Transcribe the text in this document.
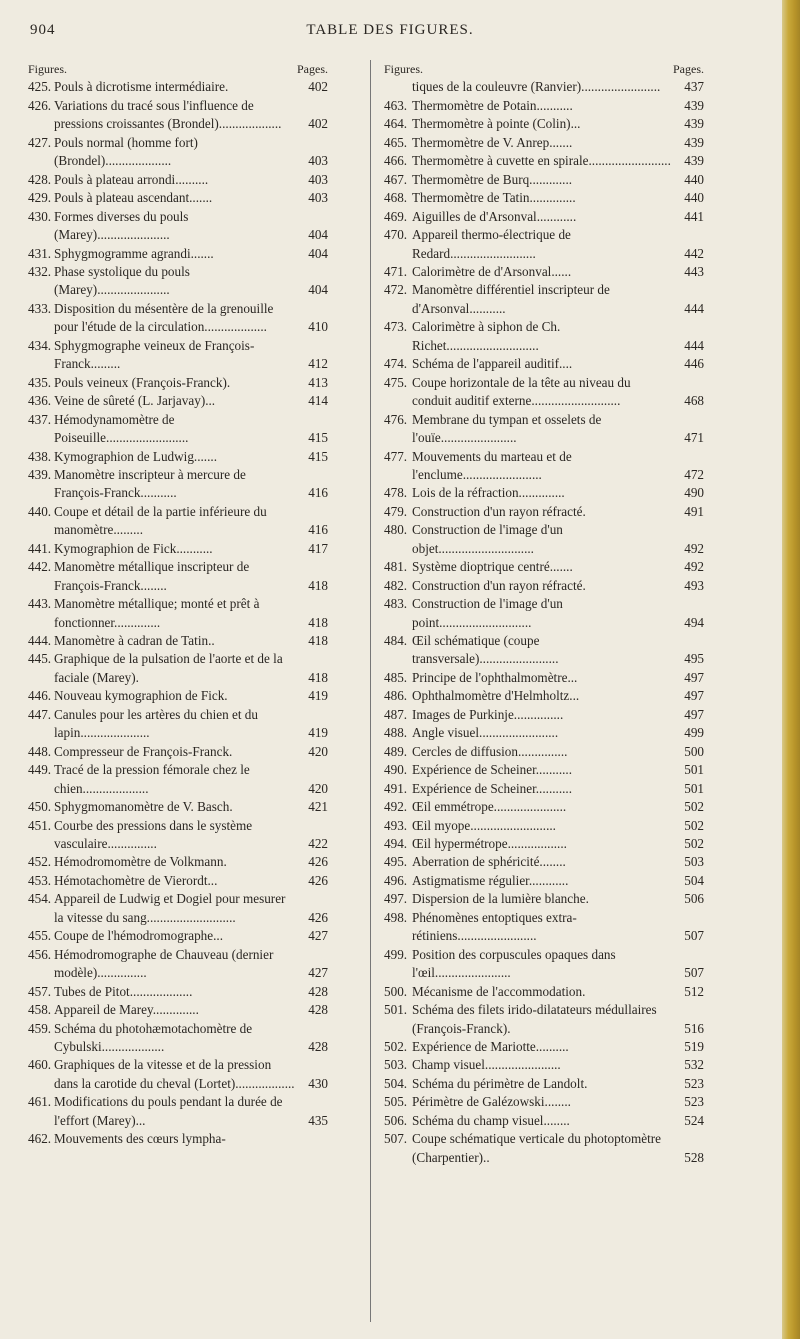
904	TABLE DES FIGURES.
Figures.	Pages.
425. Pouls à dicrotisme intermédiaire.	402
426. Variations du tracé sous l'influence de pressions croissantes (Brondel)................... 402
427. Pouls normal (homme fort) (Brondel)....................	403
428. Pouls à plateau arrondi..........	403
429. Pouls à plateau ascendant.......	403
430. Formes diverses du pouls (Marey)......................	404
431. Sphygmogramme agrandi.......	404
432. Phase systolique du pouls (Marey)......................	404
433. Disposition du mésentère de la grenouille pour l'étude de la circulation...................	410
434. Sphygmographe veineux de François-Franck.........	412
435. Pouls veineux (François-Franck).	413
436. Veine de sûreté (L. Jarjavay)...	414
437. Hémodynamomètre de Poiseuille.........................	415
438. Kymographion de Ludwig.......	415
439. Manomètre inscripteur à mercure de François-Franck...........	416
440. Coupe et détail de la partie inférieure du manomètre.........	416
441. Kymographion de Fick...........	417
442. Manomètre métallique inscripteur de François-Franck........	418
443. Manomètre métallique; monté et prêt à fonctionner..............	418
444. Manomètre à cadran de Tatin..	418
445. Graphique de la pulsation de l'aorte et de la faciale (Marey).	418
446. Nouveau kymographion de Fick.	419
447. Canules pour les artères du chien et du lapin.....................	419
448. Compresseur de François-Franck.	420
449. Tracé de la pression fémorale chez le chien....................	420
450. Sphygmomanomètre de V. Basch.	421
451. Courbe des pressions dans le système vasculaire...............	422
452. Hémodromomètre de Volkmann.	426
453. Hémotachomètre de Vierordt...	426
454. Appareil de Ludwig et Dogiel pour mesurer la vitesse du sang...........................	426
455. Coupe de l'hémodromographe...	427
456. Hémodromographe de Chauveau (dernier modèle)...............	427
457. Tubes de Pitot...................	428
458. Appareil de Marey..............	428
459. Schéma du photohæmotachomètre de Cybulski...................	428
460. Graphiques de la vitesse et de la pression dans la carotide du cheval (Lortet).................. 430
461. Modifications du pouls pendant la durée de l'effort (Marey)...	435
462. Mouvements des cœurs lympha-
Figures.	Pages.
tiques de la couleuvre (Ranvier)........................ 437
463. Thermomètre de Potain...........	439
464. Thermomètre à pointe (Colin)...	439
465. Thermomètre de V. Anrep.......	439
466. Thermomètre à cuvette en spirale......................... 439
467. Thermomètre de Burq.............	440
468. Thermomètre de Tatin..............	440
469. Aiguilles de d'Arsonval............	441
470. Appareil thermo-électrique de Redard..........................	442
471. Calorimètre de d'Arsonval......	443
472. Manomètre différentiel inscripteur de d'Arsonval...........	444
473. Calorimètre à siphon de Ch. Richet............................	444
474. Schéma de l'appareil auditif....	446
475. Coupe horizontale de la tête au niveau du conduit auditif externe...........................	468
476. Membrane du tympan et osselets de l'ouïe.......................	471
477. Mouvements du marteau et de l'enclume........................	472
478. Lois de la réfraction..............	490
479. Construction d'un rayon réfracté.	491
480. Construction de l'image d'un objet.............................	492
481. Système dioptrique centré.......	492
482. Construction d'un rayon réfracté.	493
483. Construction de l'image d'un point............................	494
484. Œil schématique (coupe transversale)........................	495
485. Principe de l'ophthalmomètre...	497
486. Ophthalmomètre d'Helmholtz...	497
487. Images de Purkinje...............	497
488. Angle visuel........................	499
489. Cercles de diffusion...............	500
490. Expérience de Scheiner...........	501
491. Expérience de Scheiner...........	501
492. Œil emmétrope......................	502
493. Œil myope..........................	502
494. Œil hypermétrope..................	502
495. Aberration de sphéricité........	503
496. Astigmatisme régulier............	504
497. Dispersion de la lumière blanche.	506
498. Phénomènes entoptiques extra-rétiniens........................	507
499. Position des corpuscules opaques dans l'œil.......................	507
500. Mécanisme de l'accommodation.	512
501. Schéma des filets irido-dilatateurs médullaires (François-Franck).	516
502. Expérience de Mariotte..........	519
503. Champ visuel.......................	532
504. Schéma du périmètre de Landolt.	523
505. Périmètre de Galézowski........	523
506. Schéma du champ visuel........	524
507. Coupe schématique verticale du photoptomètre (Charpentier)..	528
